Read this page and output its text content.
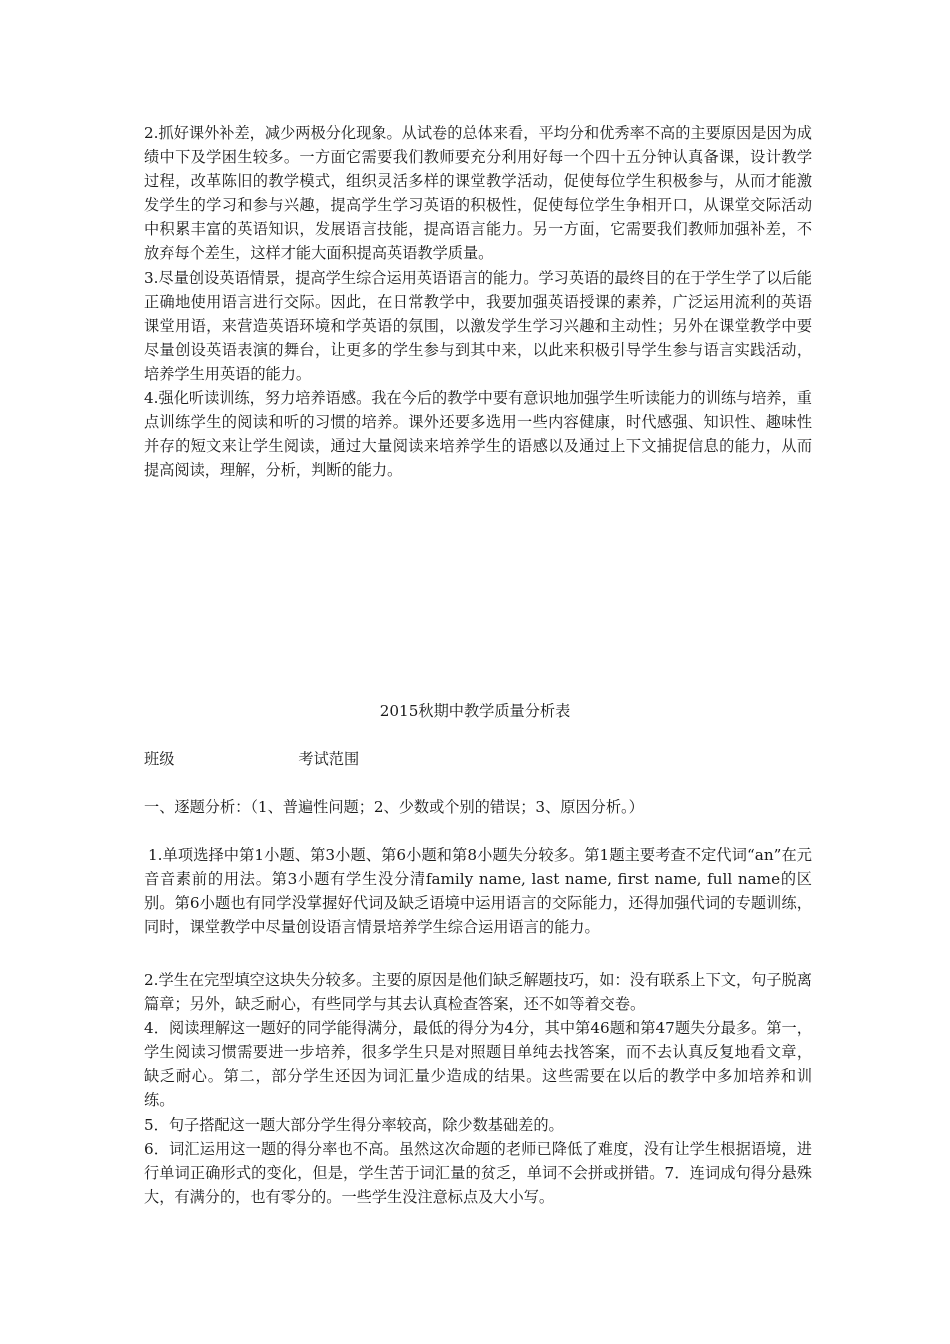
2.抓好课外补差，减少两极分化现象。从试卷的总体来看，平均分和优秀率不高的主要原因是因为成绩中下及学困生较多。一方面它需要我们教师要充分利用好每一个四十五分钟认真备课，设计教学过程，改革陈旧的教学模式，组织灵活多样的课堂教学活动，促使每位学生积极参与，从而才能激发学生的学习和参与兴趣，提高学生学习英语的积极性，促使每位学生争相开口，从课堂交际活动中积累丰富的英语知识，发展语言技能，提高语言能力。另一方面，它需要我们教师加强补差，不放弃每个差生，这样才能大面积提高英语教学质量。

3.尽量创设英语情景，提高学生综合运用英语语言的能力。学习英语的最终目的在于学生学了以后能正确地使用语言进行交际。因此，在日常教学中，我要加强英语授课的素养，广泛运用流利的英语课堂用语，来营造英语环境和学英语的氛围，以激发学生学习兴趣和主动性；另外在课堂教学中要尽量创设英语表演的舞台，让更多的学生参与到其中来，以此来积极引导学生参与语言实践活动，培养学生用英语的能力。

4.强化听读训练，努力培养语感。我在今后的教学中要有意识地加强学生听读能力的训练与培养，重点训练学生的阅读和听的习惯的培养。课外还要多选用一些内容健康，时代感强、知识性、趣味性并存的短文来让学生阅读，通过大量阅读来培养学生的语感以及通过上下文捕捉信息的能力，从而提高阅读，理解，分析，判断的能力。

2015秋期中教学质量分析表

班级	考试范围

一、逐题分析：（1、普遍性问题；2、少数或个别的错误；3、原因分析。）

1.单项选择中第1小题、第3小题、第6小题和第8小题失分较多。第1题主要考查不定代词“an”在元音音素前的用法。第3小题有学生没分清family name, last name, first name, full name的区别。第6小题也有同学没掌握好代词及缺乏语境中运用语言的交际能力，还得加强代词的专题训练，同时，课堂教学中尽量创设语言情景培养学生综合运用语言的能力。

2.学生在完型填空这块失分较多。主要的原因是他们缺乏解题技巧，如：没有联系上下文，句子脱离篇章；另外，缺乏耐心，有些同学与其去认真检查答案，还不如等着交卷。

4．阅读理解这一题好的同学能得满分，最低的得分为4分，其中第46题和第47题失分最多。第一，学生阅读习惯需要进一步培养，很多学生只是对照题目单纯去找答案，而不去认真反复地看文章，缺乏耐心。第二，部分学生还因为词汇量少造成的结果。这些需要在以后的教学中多加培养和训练。

5．句子搭配这一题大部分学生得分率较高，除少数基础差的。

6．词汇运用这一题的得分率也不高。虽然这次命题的老师已降低了难度，没有让学生根据语境，进行单词正确形式的变化，但是，学生苦于词汇量的贫乏，单词不会拼或拼错。7．连词成句得分悬殊大，有满分的，也有零分的。一些学生没注意标点及大小写。
